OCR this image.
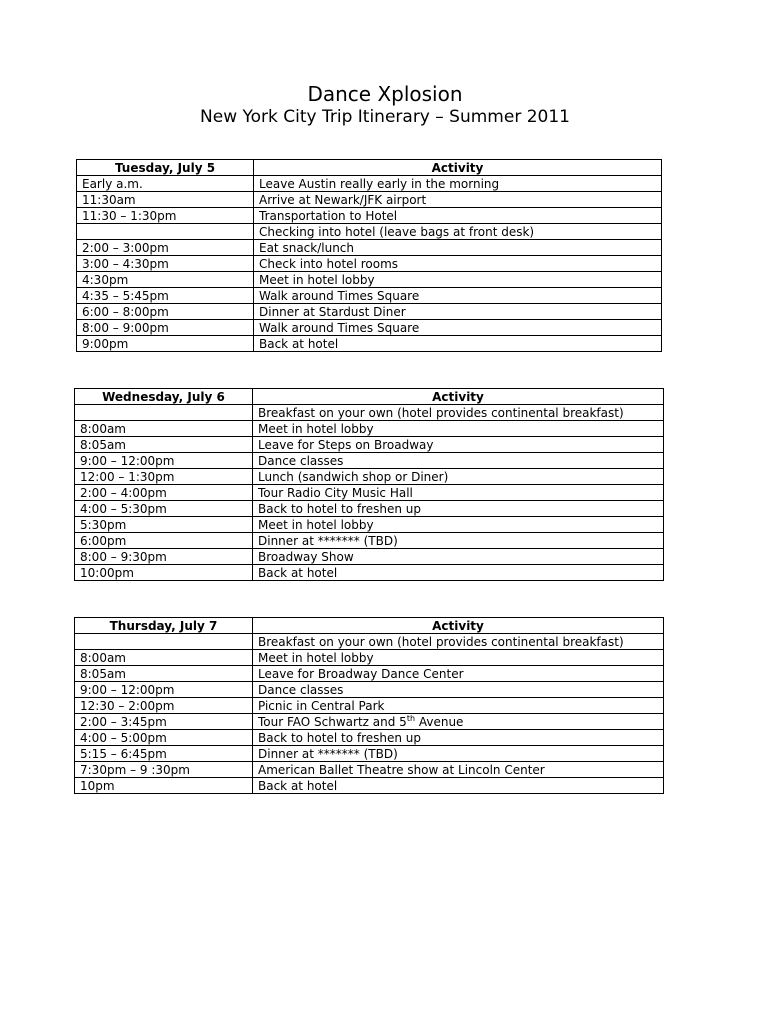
Dance Xplosion
New York City Trip Itinerary – Summer 2011
Tuesday, July 5	Activity
Early a.m.	Leave Austin really early in the morning
11:30am	Arrive at Newark/JFK airport
11:30 – 1:30pm	Transportation to Hotel
	Checking into hotel (leave bags at front desk)
2:00 – 3:00pm	Eat snack/lunch
3:00 – 4:30pm	Check into hotel rooms
4:30pm	Meet in hotel lobby
4:35 – 5:45pm	Walk around Times Square
6:00 – 8:00pm	Dinner at Stardust Diner
8:00 – 9:00pm	Walk around Times Square
9:00pm	Back at hotel
Wednesday, July 6	Activity
	Breakfast on your own (hotel provides continental breakfast)
8:00am	Meet in hotel lobby
8:05am	Leave for Steps on Broadway
9:00 – 12:00pm	Dance classes
12:00 – 1:30pm	Lunch (sandwich shop or Diner)
2:00 – 4:00pm	Tour Radio City Music Hall
4:00 – 5:30pm	Back to hotel to freshen up
5:30pm	Meet in hotel lobby
6:00pm	Dinner at ******* (TBD)
8:00 – 9:30pm	Broadway Show
10:00pm	Back at hotel
Thursday, July 7	Activity
	Breakfast on your own (hotel provides continental breakfast)
8:00am	Meet in hotel lobby
8:05am	Leave for Broadway Dance Center
9:00 – 12:00pm	Dance classes
12:30 – 2:00pm	Picnic in Central Park
2:00 – 3:45pm	Tour FAO Schwartz and 5th Avenue
4:00 – 5:00pm	Back to hotel to freshen up
5:15 – 6:45pm	Dinner at ******* (TBD)
7:30pm – 9 :30pm	American Ballet Theatre show at Lincoln Center
10pm	Back at hotel
